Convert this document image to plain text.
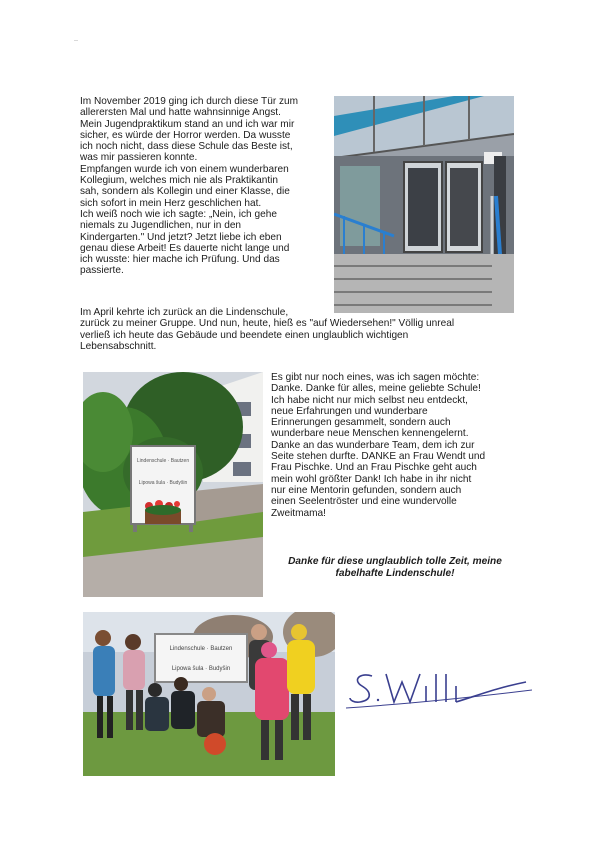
Im November 2019 ging ich durch diese Tür zum
allerersten Mal und hatte wahnsinnige Angst.
Mein Jugendpraktikum stand an und ich war mir
sicher, es würde der Horror werden. Da wusste
ich noch nicht, dass diese Schule das Beste ist,
was mir passieren konnte.
Empfangen wurde ich von einem wunderbaren
Kollegium, welches mich nie als Praktikantin
sah, sondern als Kollegin und einer Klasse, die
sich sofort in mein Herz geschlichen hat.
Ich weiß noch wie ich sagte: „Nein, ich gehe
niemals zu Jugendlichen, nur in den
Kindergarten." Und jetzt? Jetzt liebe ich eben
genau diese Arbeit! Es dauerte nicht lange und
ich wusste: hier mache ich Prüfung. Und das
passierte.
Im April kehrte ich zurück an die Lindenschule,
zurück zu meiner Gruppe. Und nun, heute, hieß es "auf Wiedersehen!" Völlig unreal
verließ ich heute das Gebäude und beendete einen unglaublich wichtigen
Lebensabschnitt.
Lindenschule · Bautzen
Lipowa šula · Budyšin
Es gibt nur noch eines, was ich sagen möchte:
Danke. Danke für alles, meine geliebte Schule!
Ich habe nicht nur mich selbst neu entdeckt,
neue Erfahrungen und wunderbare
Erinnerungen gesammelt, sondern auch
wunderbare neue Menschen kennengelernt.
Danke an das wunderbare Team, dem ich zur
Seite stehen durfte. DANKE an Frau Wendt und
Frau Pischke. Und an Frau Pischke geht auch
mein wohl größter Dank! Ich habe in ihr nicht
nur eine Mentorin gefunden, sondern auch
einen Seelentröster und eine wundervolle
Zweitmama!
Danke für diese unglaublich tolle Zeit, meine
fabelhafte Lindenschule!
Lindenschule · Bautzen
Lipowa šula · Budyšin
